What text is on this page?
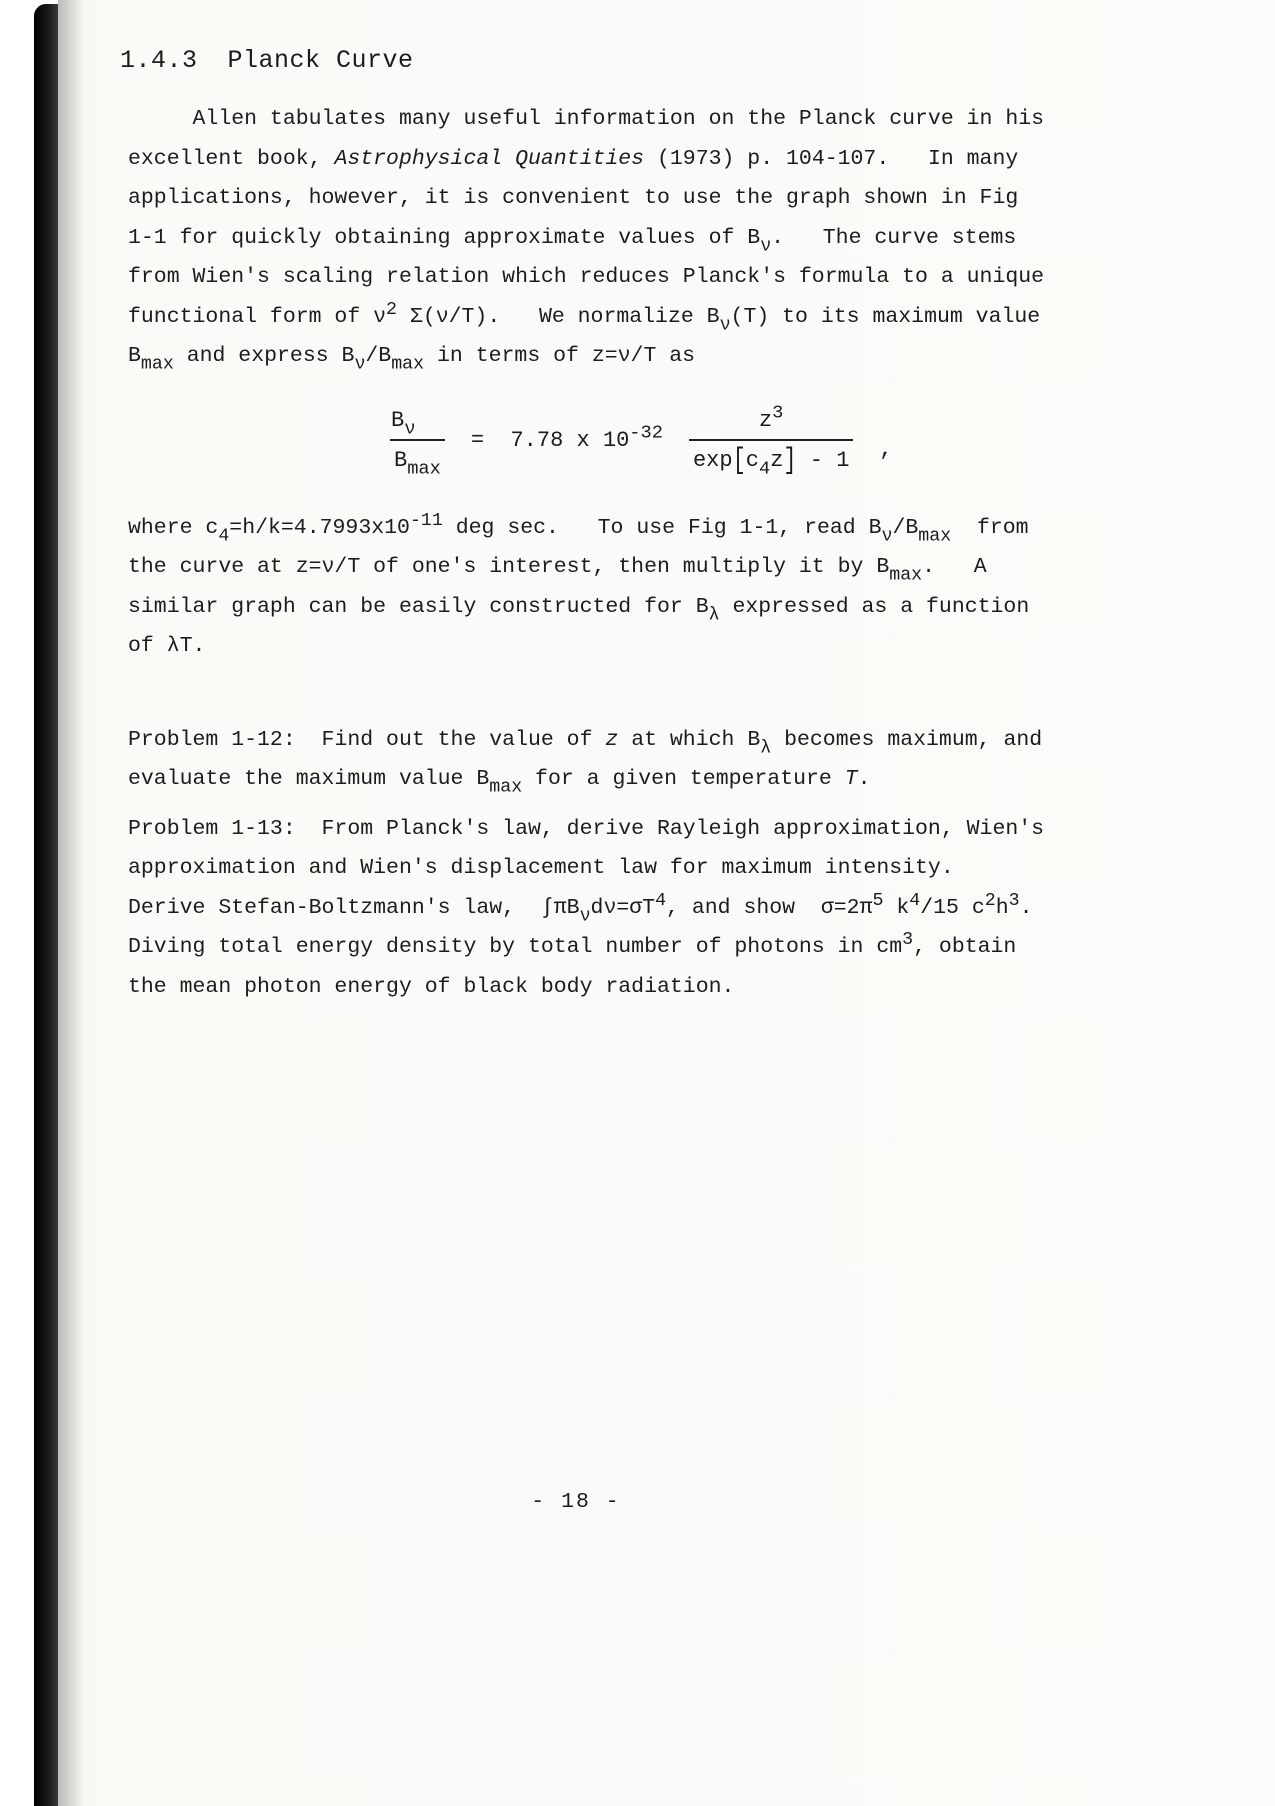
1.4.3 Planck Curve
Allen tabulates many useful information on the Planck curve in his
excellent book, Astrophysical Quantities (1973) p. 104-107.   In many
applications, however, it is convenient to use the graph shown in Fig
1-1 for quickly obtaining approximate values of $B_\nu$.   The curve stems
from Wien's scaling relation which reduces Planck's formula to a unique
functional form of $\nu^2$ Σ(ν/T).   We normalize $B_\nu(T)$ to its maximum value
$B_{max}$ and express $B_\nu/B_{max}$ in terms of z=ν/T as
$\frac{B_\nu}{B_{max}} = 7.78$ x $10^{-32} \frac{z^3}{\exp[c_4z] - 1}$ ,
where $c_4=h/k=4.7993x10^{-11}$ deg sec.   To use Fig 1-1, read $B_\nu/B_{max}$  from
the curve at z=ν/T of one's interest, then multiply it by $B_{max}$.   A
similar graph can be easily constructed for $B_\lambda$ expressed as a function
of λT.
Problem 1-12:  Find out the value of z at which $B_\lambda$ becomes maximum, and
evaluate the maximum value $B_{max}$ for a given temperature T.
Problem 1-13:  From Planck's law, derive Rayleigh approximation, Wien's
approximation and Wien's displacement law for maximum intensity.
Derive Stefan-Boltzmann's law,  $\int\pi B_\nu d\nu=\sigma T^4$, and show  $\sigma=2\pi^5$ $k^4/15$ $c^2h^3$.
Diving total energy density by total number of photons in $cm^3$, obtain
the mean photon energy of black body radiation.
- 18 -
